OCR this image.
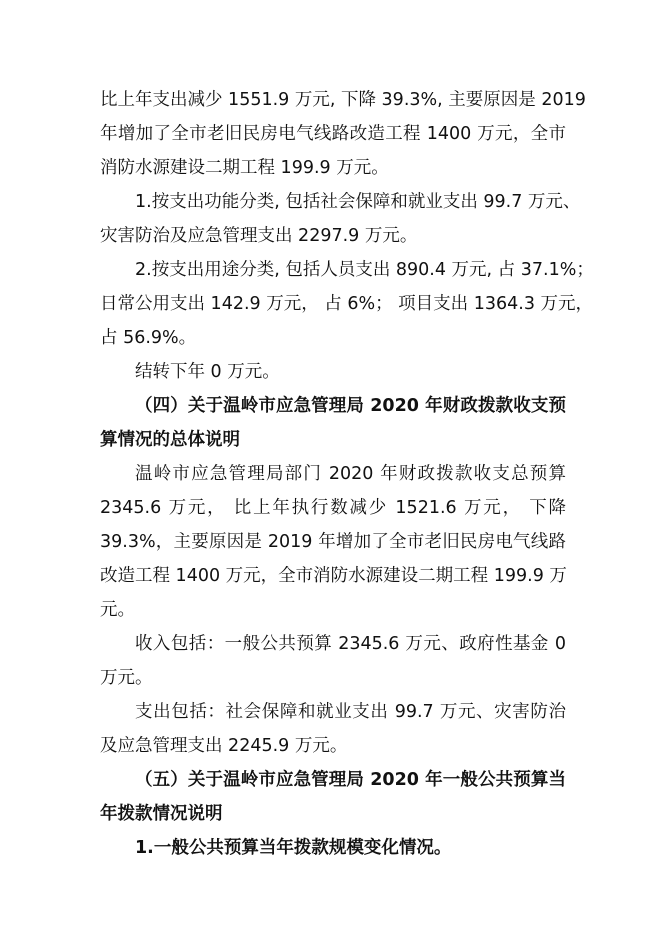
比上年支出减少 1551.9 万元, 下降 39.3%, 主要原因是 2019
年增加了全市老旧民房电气线路改造工程 1400 万元，全市
消防水源建设二期工程 199.9 万元。
1.按支出功能分类, 包括社会保障和就业支出 99.7 万元、
灾害防治及应急管理支出 2297.9 万元。
2.按支出用途分类, 包括人员支出 890.4 万元, 占 37.1%；
日常公用支出 142.9 万元， 占 6%； 项目支出 1364.3 万元，
占 56.9%。
结转下年 0 万元。
（四）关于温岭市应急管理局 2020 年财政拨款收支预
算情况的总体说明
温岭市应急管理局部门 2020 年财政拨款收支总预算
2345.6 万元， 比上年执行数减少 1521.6 万元， 下降
39.3%，主要原因是 2019 年增加了全市老旧民房电气线路
改造工程 1400 万元，全市消防水源建设二期工程 199.9 万
元。
收入包括：一般公共预算 2345.6 万元、政府性基金 0
万元。
支出包括：社会保障和就业支出 99.7 万元、灾害防治
及应急管理支出 2245.9 万元。
（五）关于温岭市应急管理局 2020 年一般公共预算当
年拨款情况说明
1.一般公共预算当年拨款规模变化情况。
